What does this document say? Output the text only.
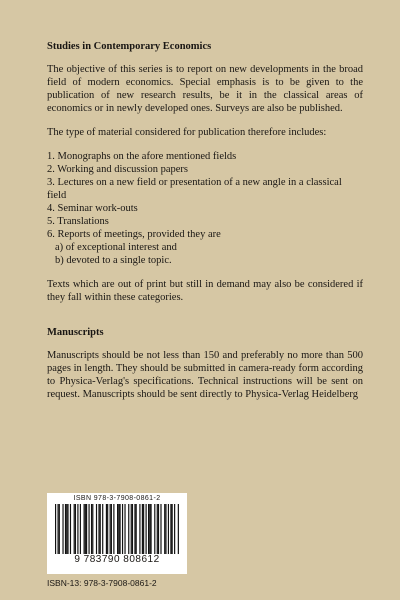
Studies in Contemporary Economics

The objective of this series is to report on new developments in the broad field of modern economics. Special emphasis is to be given to the publication of new research results, be it in the classical areas of economics or in newly developed ones. Surveys are also be published.

The type of material considered for publication therefore includes:

1. Monographs on the afore mentioned fields
2. Working and discussion papers
3. Lectures on a new field or presentation of a new angle in a classical field
4. Seminar work-outs
5. Translations
6. Reports of meetings, provided they are
a) of exceptional interest and
b) devoted to a single topic.

Texts which are out of print but still in demand may also be considered if they fall within these categories.

Manuscripts

Manuscripts should be not less than 150 and preferably no more than 500 pages in length. They should be submitted in camera-ready form according to Physica-Verlag's specifications. Technical instructions will be sent on request. Manuscripts should be sent directly to Physica-Verlag Heidelberg

ISBN 978-3-7908-0861-2
9 783790 808612
ISBN-13: 978-3-7908-0861-2
